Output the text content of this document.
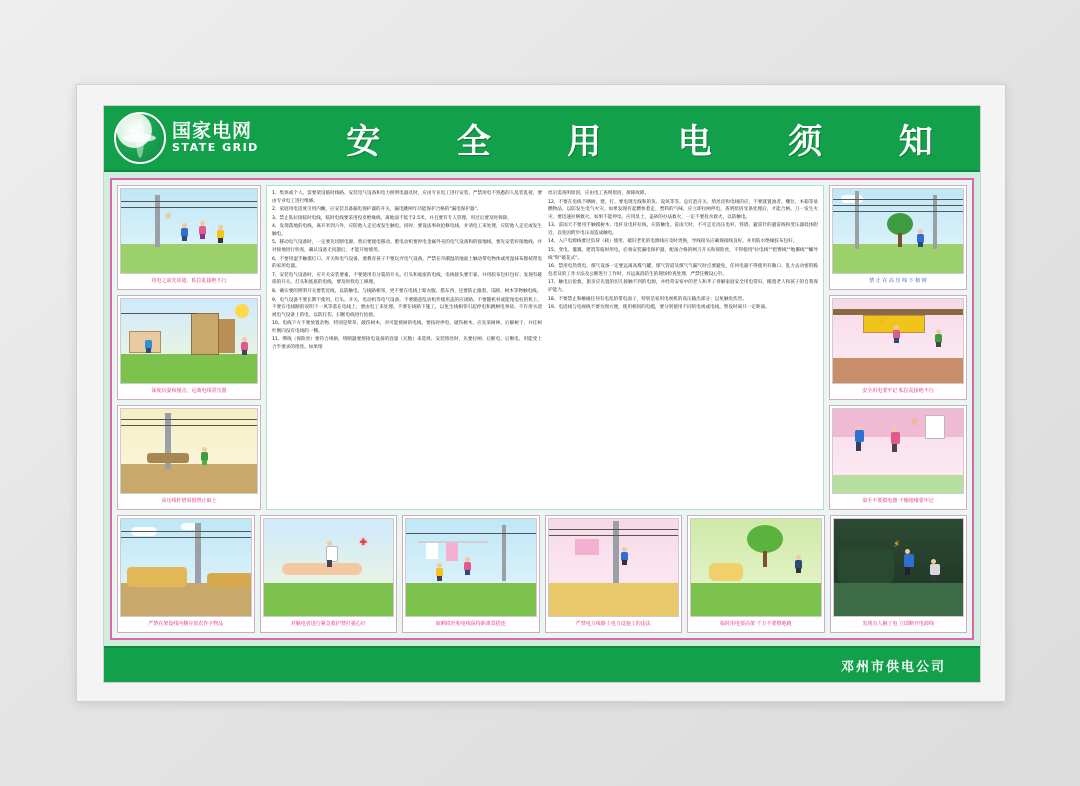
国家电网
STATE GRID	安 全 用 电 须 知
⚡
用电之前先串通，私拉乱接绝不行
深度玩耍和撞击，远离电线常压器
高压线杆塔周围禁止取土

1、集体或个人，需要架设临时线路、安装电气设备和电力照明电器具时，应由专业电工进行安装。严禁用电不熟悉的人乱装乱接，要由专业电工进行维修。

2、家庭用电适度引用内酮，应安装具备漏电保护器的开关，漏电跳闸年功能保护合格的"漏电保护器"。

3、禁止私拉接临时电线，临时电线要采用投皮绝缘线，离地面不低于2.5米，并且要有专人管理，用过后要及时拆除。

4、发现落地的电线，离开米到六外，应防他人走近或发生触电。同时，要设法事故抢修电线，并请电工来处理，应防他人走近或发生触电。

5、移动电气设备时，一定要先切断电源，然后要使电移动。肥电动机要停电金属外壳的电气设备和的接地线，要先安装好接地线，并对接地进行检查，确认设备无问题后，才能开始使用。

6、不要用湿手触摸灯口、开关和电气设备，要教育孩子不要玩弄电气设备。严禁在市潮湿的地面上触动带电物体或用湿抹布擦拭带电的家用电器。

7、安装电气设备时，应开关安装要素，不要使用有分裂的开关。灯头和底座的电线，电线接头要牢靠，并用胶布包好包好；发现有破损的开关、灯头和底座的电线，要及时找电工修理。

8、确实要的照明开关要装近线，以防触电，与线路相邻，更不要在电线上晾衣服、搭东西、还要防止撞着、瓜断、树木等物触电线。

9、电气设备不要长期不使用。灯头、开关、电动机等电气设备，不要随意乱动机件使用盖的应闭路。不要随机村或能尾电柱的机上。不要在电线断的说明下一风等落在电线上，要由电工来处理。不要在线路下施工，以免生线相邻引起停电和跳闸电事故。不许用水浇被电气设备上的电，以防打伤，扫断电线进行抢救。

10、电线下方不要放置杂物，特别是柴草、破伤树木，对可能被树的电线，要按时停电、破伤树木，应先采树林、后解树干，并任树叶倒向没有电线的一侧。

11、绑线（保险丝）要符合规格，熔断器要熔接电设备的容量（瓦数）来选择。安装熔丝时，先要拉闸、后断电、后断电、用能变上合乎要求的熔丝。如果熔

丝后需查明原因，应由电工查明原因，排除故障。

12、不要在电线下晒树、建、打、要电现无线和的负、设风等等。总灯泡开关、熔丝皮和电线的应，不要就置油者。棚位、木箱等易燃物品，以防发生电气火灾。如果发现有起燃快着走，塑料的气味，应立即拉闸停电，查明原因受条处理后，才能合闸。刀一发生火灾，要迅速拉闸救火。如果不能停电、应用显土，盖砂的办法救火，一定不要投水救火，以防触电。

13、雷雨天不要用手触摸树木、电杆及电杆拉线，应防触电。雷雨天时，不可走近高压电杆、铁塔、避雷针的避雷线和变压器低体附近，以免因跨步电压而造成触电。

14、入户电源线要过负荷（载）使用，破旧老化的电源线应及时更换，导线接头应确保接线良好。并用防水绝缘胶布包好。

15、变电、灌溉、建筑等临时用电，必须安装漏电保护器，配备合格的闸刀开关和保险丝，不得使用"拉电线""把臀线""地挪线""螺导线"和"破花式"。

16、禁用电热烧电，煤气设备一定要远离高煤气罐、煤气管道及煤气气漏气时点要避免，任何电器不得使用有敞口、乱力去动密的脆包者及的工作方法及公断进行工作时，并远离消防生的现场检查处理，严禁任敷设心针。

17、触电后抢救，旅亲应先置的切几接触不到的电源，并经常安家中的老人和齐子讲解家庭安全用电常识，搬置老人和孩子的自我保护能力。

18、不要禁止和触碰任何有电乱的带电面子，特别是家用电视机的高压输出部分；以免触电伤害。

19、电话线与电视线不要为图方便，使用相同的电缆，要分别使用不同的电视或电线。暂没时离开一定距离。

禁 止 在 高 压 线 下 植 树
⚡
安全用电要牢记 私拉乱接绝不行
⚡
湿手不要摸电器 干燥地缘要牢记
严禁在架设线内侧存放农作字物品
✚
对触电者进行紧急救护禁打强心针	晾晒铁丝和电线保持距离莫搭连	严禁电力线路上电力设施上的违法	临时用电要高架 千万不要擦地跑
⚡
发现有人触了电 立即断开电源线
邓州市供电公司
